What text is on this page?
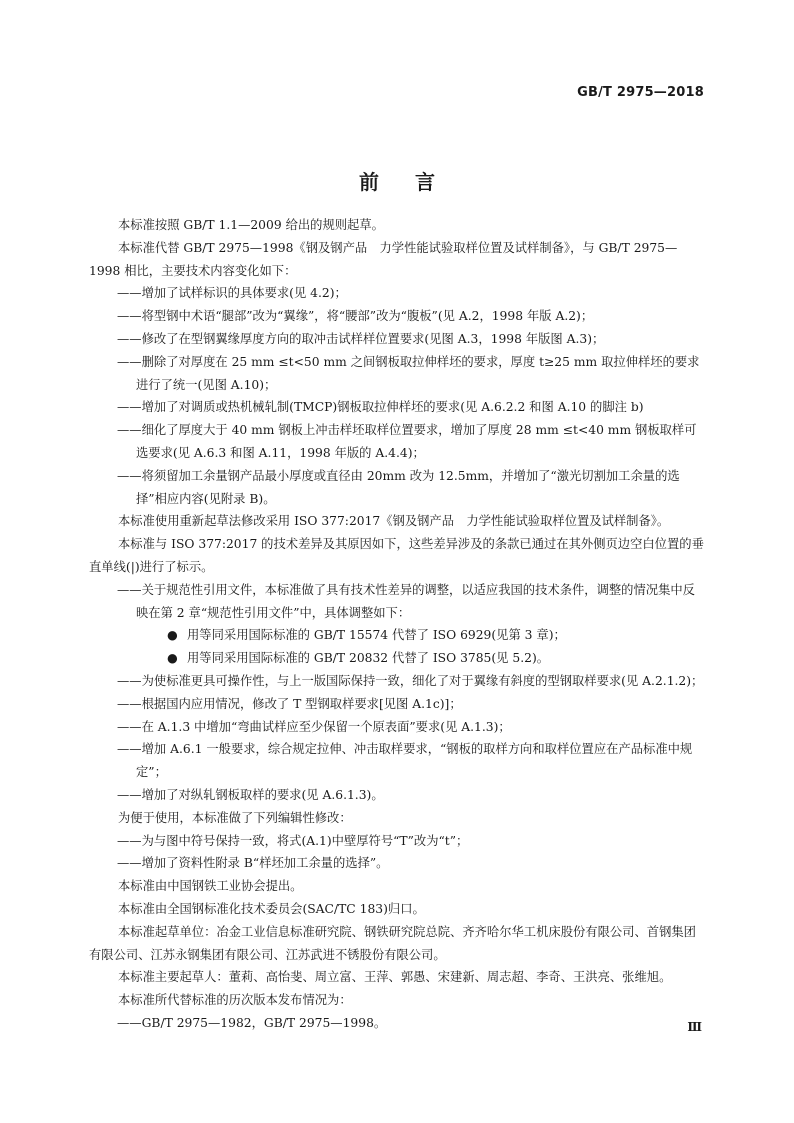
GB/T 2975—2018
前言

本标准按照 GB/T 1.1—2009 给出的规则起草。

本标准代替 GB/T 2975—1998《钢及钢产品　力学性能试验取样位置及试样制备》，与 GB/T 2975—1998 相比，主要技术内容变化如下：

——增加了试样标识的具体要求(见 4.2)；

——将型钢中术语“腿部”改为“翼缘”，将“腰部”改为“腹板”(见 A.2，1998 年版 A.2)；

——修改了在型钢翼缘厚度方向的取冲击试样样位置要求(见图 A.3，1998 年版图 A.3)；

——删除了对厚度在 25 mm ≤t<50 mm 之间钢板取拉伸样坯的要求，厚度 t≥25 mm 取拉伸样坯的要求进行了统一(见图 A.10)；

——增加了对调质或热机械轧制(TMCP)钢板取拉伸样坯的要求(见 A.6.2.2 和图 A.10 的脚注 b)

——细化了厚度大于 40 mm 钢板上冲击样坯取样位置要求，增加了厚度 28 mm ≤t<40 mm 钢板取样可选要求(见 A.6.3 和图 A.11，1998 年版的 A.4.4)；

——将须留加工余量钢产品最小厚度或直径由 20mm 改为 12.5mm，并增加了“激光切割加工余量的选择”相应内容(见附录 B)。

本标准使用重新起草法修改采用 ISO 377:2017《钢及钢产品　力学性能试验取样位置及试样制备》。

本标准与 ISO 377:2017 的技术差异及其原因如下，这些差异涉及的条款已通过在其外侧页边空白位置的垂直单线(|)进行了标示。

——关于规范性引用文件，本标准做了具有技术性差异的调整，以适应我国的技术条件，调整的情况集中反映在第 2 章“规范性引用文件”中，具体调整如下：

● 用等同采用国际标准的 GB/T 15574 代替了 ISO 6929(见第 3 章)；

● 用等同采用国际标准的 GB/T 20832 代替了 ISO 3785(见 5.2)。

——为使标准更具可操作性，与上一版国际保持一致，细化了对于翼缘有斜度的型钢取样要求(见 A.2.1.2)；

——根据国内应用情况，修改了 T 型钢取样要求[见图 A.1c)]；

——在 A.1.3 中增加“弯曲试样应至少保留一个原表面”要求(见 A.1.3)；

——增加 A.6.1 一般要求，综合规定拉伸、冲击取样要求，“钢板的取样方向和取样位置应在产品标准中规定”；

——增加了对纵轧钢板取样的要求(见 A.6.1.3)。

为便于使用，本标准做了下列编辑性修改：

——为与图中符号保持一致，将式(A.1)中壁厚符号“T”改为“t”；

——增加了资料性附录 B“样坯加工余量的选择”。

本标准由中国钢铁工业协会提出。

本标准由全国钢标准化技术委员会(SAC/TC 183)归口。

本标准起草单位：冶金工业信息标准研究院、钢铁研究院总院、齐齐哈尔华工机床股份有限公司、首钢集团有限公司、江苏永钢集团有限公司、江苏武进不锈股份有限公司。

本标准主要起草人：董莉、高怡斐、周立富、王萍、郭愚、宋建新、周志超、李奇、王洪亮、张维旭。

本标准所代替标准的历次版本发布情况为：

——GB/T 2975—1982，GB/T 2975—1998。	Ⅲ
